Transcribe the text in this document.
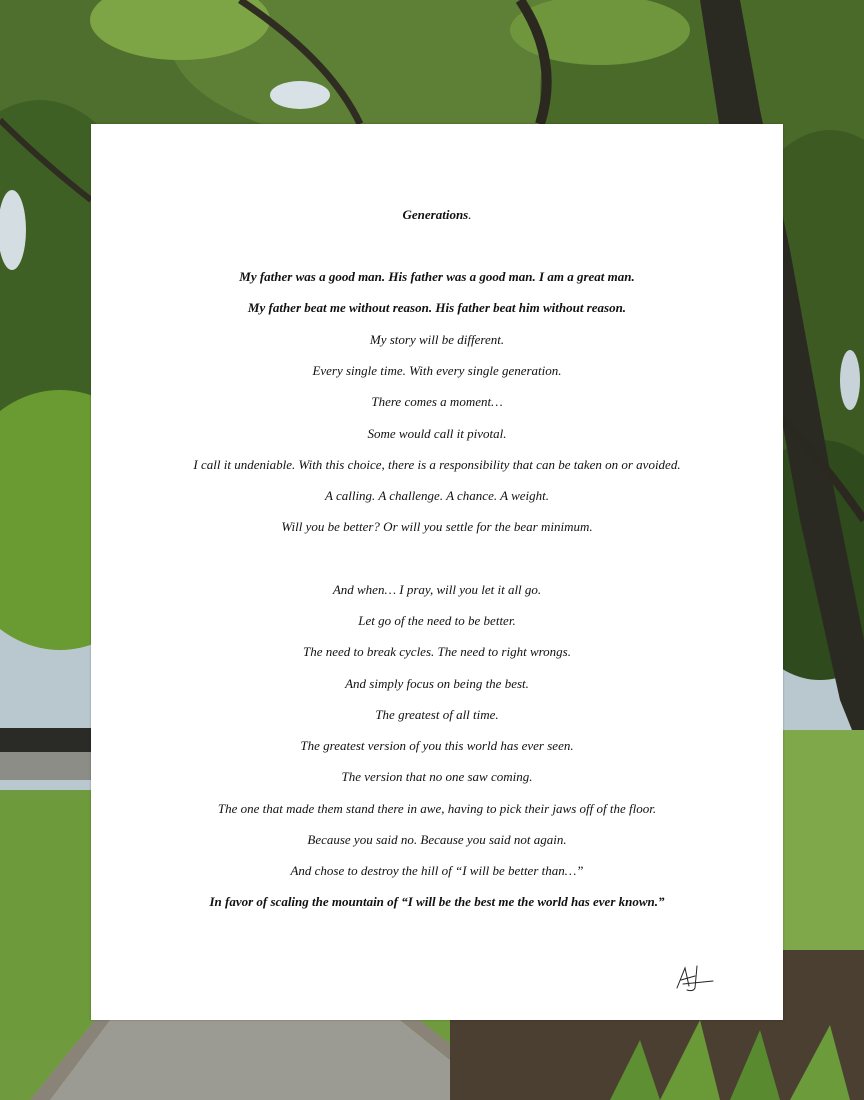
Generations.
My father was a good man. His father was a good man. I am a great man.
My father beat me without reason. His father beat him without reason.
My story will be different.
Every single time. With every single generation.
There comes a moment…
Some would call it pivotal.
I call it undeniable. With this choice, there is a responsibility that can be taken on or avoided.
A calling. A challenge. A chance. A weight.
Will you be better? Or will you settle for the bear minimum.
And when… I pray, will you let it all go.
Let go of the need to be better.
The need to break cycles. The need to right wrongs.
And simply focus on being the best.
The greatest of all time.
The greatest version of you this world has ever seen.
The version that no one saw coming.
The one that made them stand there in awe, having to pick their jaws off of the floor.
Because you said no. Because you said not again.
And chose to destroy the hill of “I will be better than…”
In favor of scaling the mountain of “I will be the best me the world has ever known.”
